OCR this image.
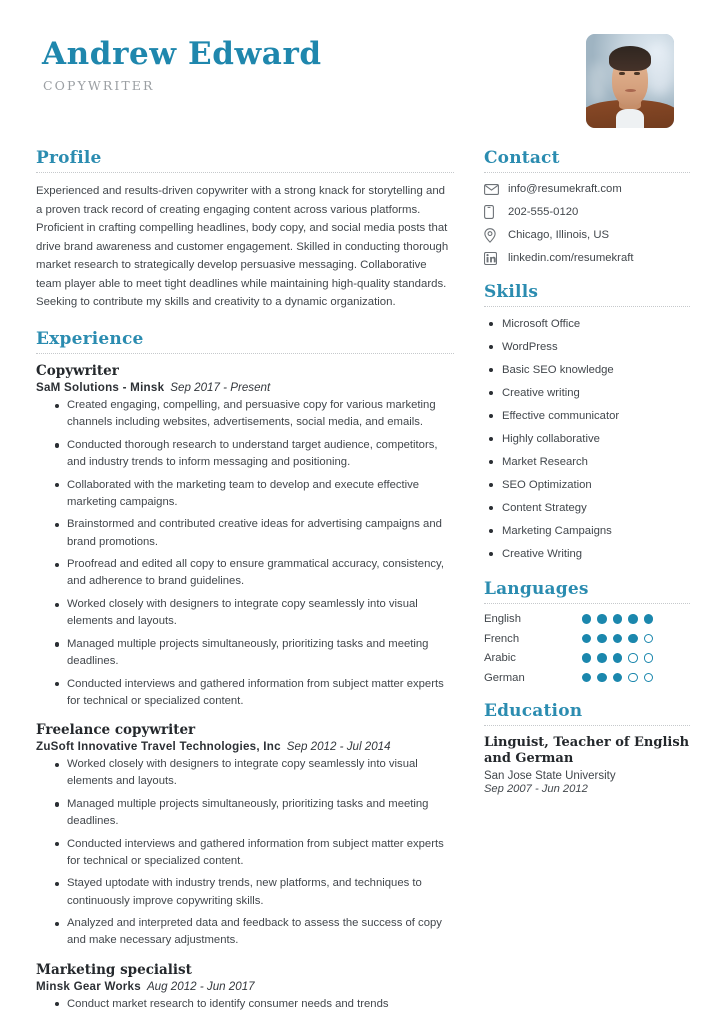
Andrew Edward
COPYWRITER
Profile

Experienced and results-driven copywriter with a strong knack for storytelling and a proven track record of creating engaging content across various platforms. Proficient in crafting compelling headlines, body copy, and social media posts that drive brand awareness and customer engagement. Skilled in conducting thorough market research to strategically develop persuasive messaging. Collaborative team player able to meet tight deadlines while maintaining high-quality standards. Seeking to contribute my skills and creativity to a dynamic organization.

Experience
Copywriter
SaM Solutions - Minsk Sep 2017 - Present
Created engaging, compelling, and persuasive copy for various marketing channels including websites, advertisements, social media, and emails.
Conducted thorough research to understand target audience, competitors, and industry trends to inform messaging and positioning.
Collaborated with the marketing team to develop and execute effective marketing campaigns.
Brainstormed and contributed creative ideas for advertising campaigns and brand promotions.
Proofread and edited all copy to ensure grammatical accuracy, consistency, and adherence to brand guidelines.
Worked closely with designers to integrate copy seamlessly into visual elements and layouts.
Managed multiple projects simultaneously, prioritizing tasks and meeting deadlines.
Conducted interviews and gathered information from subject matter experts for technical or specialized content.
Freelance copywriter
ZuSoft Innovative Travel Technologies, Inc Sep 2012 - Jul 2014
Worked closely with designers to integrate copy seamlessly into visual elements and layouts.
Managed multiple projects simultaneously, prioritizing tasks and meeting deadlines.
Conducted interviews and gathered information from subject matter experts for technical or specialized content.
Stayed uptodate with industry trends, new platforms, and techniques to continuously improve copywriting skills.
Analyzed and interpreted data and feedback to assess the success of copy and make necessary adjustments.
Marketing specialist
Minsk Gear Works Aug 2012 - Jun 2017
Conduct market research to identify consumer needs and trends
Contact
info@resumekraft.com
202-555-0120
Chicago, Illinois, US
linkedin.com/resumekraft
Skills
Microsoft Office
WordPress
Basic SEO knowledge
Creative writing
Effective communicator
Highly collaborative
Market Research
SEO Optimization
Content Strategy
Marketing Campaigns
Creative Writing
Languages
English
French
Arabic
German
Education
Linguist, Teacher of English and German
San Jose State University
Sep 2007 - Jun 2012
